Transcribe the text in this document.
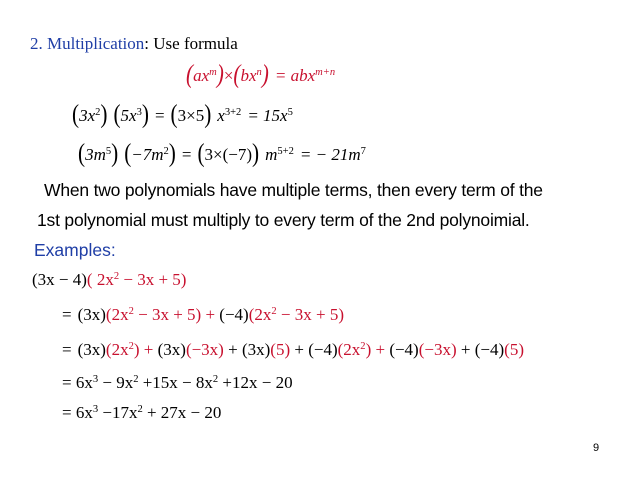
2. Multiplication: Use formula
$(ax^m)\times(bx^n) = abx^{m+n}$
$(3x^2) (5x^3) = (3\times 5) x^{3+2} = 15x^5$
$(3m^5) (-7m^2) = (3\times(-7)) m^{5+2}$ = − $21m^7$
When two polynomials have multiple terms, then every term of the
1st polynomial must multiply to every term of the 2nd polynoimial.
Examples:
(3x − 4)( $2x^2 - 3x + 5$)
= $(3x)(2x^2 - 3x + 5) + (-4)(2x^2 - 3x + 5)$
= $(3x)(2x^2) + (3x)(-3x) + (3x)(5) + (-4)(2x^2) + (-4)(-3x) + (-4)(5)$
= $6x^3 - 9x^2 +15x - 8x^2 +12x - 20$
= $6x^3 -17x^2 + 27x - 20$
9
